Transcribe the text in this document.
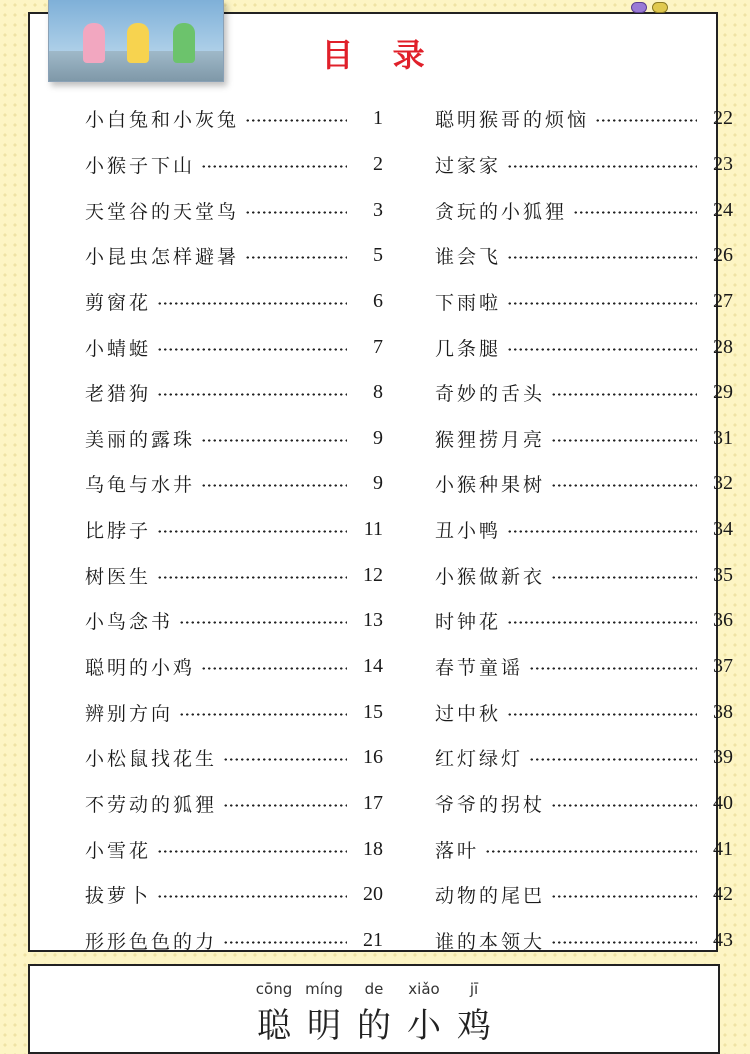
目 录
小白兔和小灰兔	1
小猴子下山	2
天堂谷的天堂鸟	3
小昆虫怎样避暑	5
剪窗花	6
小蜻蜓	7
老猎狗	8
美丽的露珠	9
乌龟与水井	9
比脖子	11
树医生	12
小鸟念书	13
聪明的小鸡	14
辨别方向	15
小松鼠找花生	16
不劳动的狐狸	17
小雪花	18
拔萝卜	20
形形色色的力	21
聪明猴哥的烦恼	22
过家家	23
贪玩的小狐狸	24
谁会飞	26
下雨啦	27
几条腿	28
奇妙的舌头	29
猴狸捞月亮	31
小猴种果树	32
丑小鸭	34
小猴做新衣	35
时钟花	36
春节童谣	37
过中秋	38
红灯绿灯	39
爷爷的拐杖	40
落叶	41
动物的尾巴	42
谁的本领大	43
cōng míng de xiǎo jī
聪 明 的 小 鸡
